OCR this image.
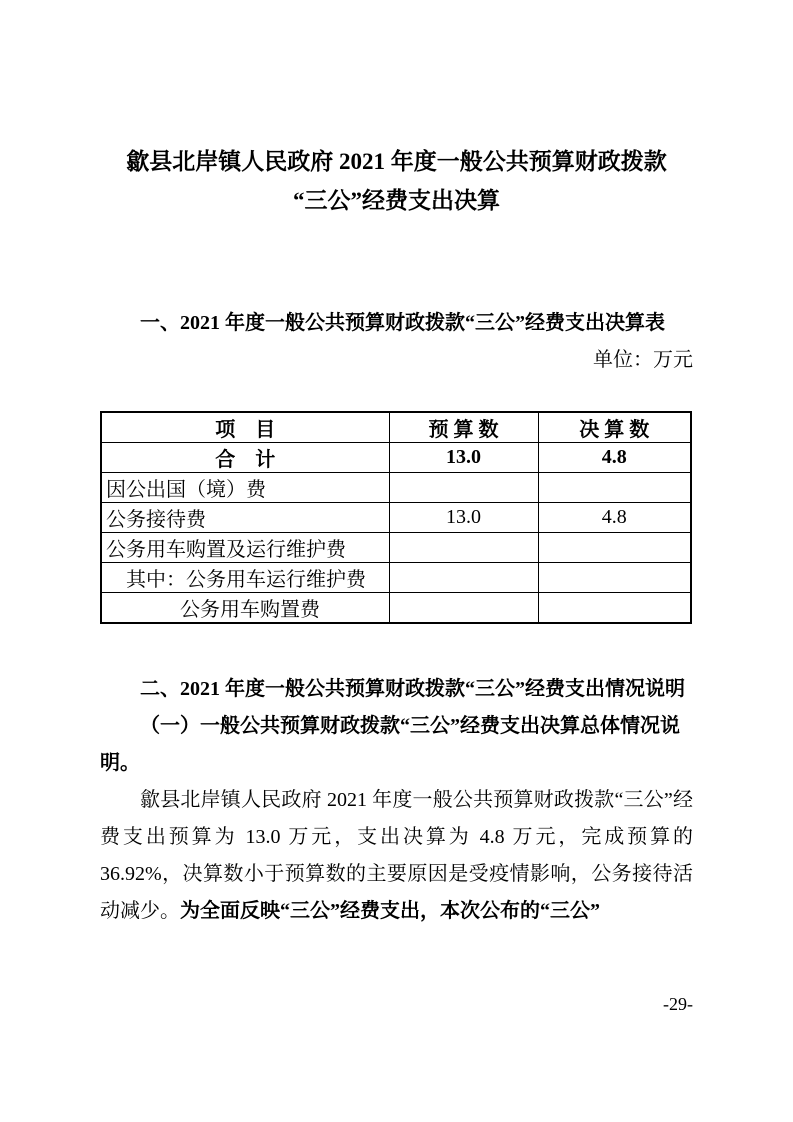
歙县北岸镇人民政府 2021 年度一般公共预算财政拨款
“三公”经费支出决算

一、2021 年度一般公共预算财政拨款“三公”经费支出决算表

单位：万元

项　目	预 算 数	决 算 数
合　计	13.0	4.8
因公出国（境）费		
公务接待费	13.0	4.8
公务用车购置及运行维护费		
其中：公务用车运行维护费		
公务用车购置费		

二、2021 年度一般公共预算财政拨款“三公”经费支出情况说明

（一）一般公共预算财政拨款“三公”经费支出决算总体情况说明。

歙县北岸镇人民政府 2021 年度一般公共预算财政拨款“三公”经费支出预算为 13.0 万元，支出决算为 4.8 万元，完成预算的 36.92%，决算数小于预算数的主要原因是受疫情影响，公务接待活动减少。为全面反映“三公”经费支出，本次公布的“三公”

-29-
